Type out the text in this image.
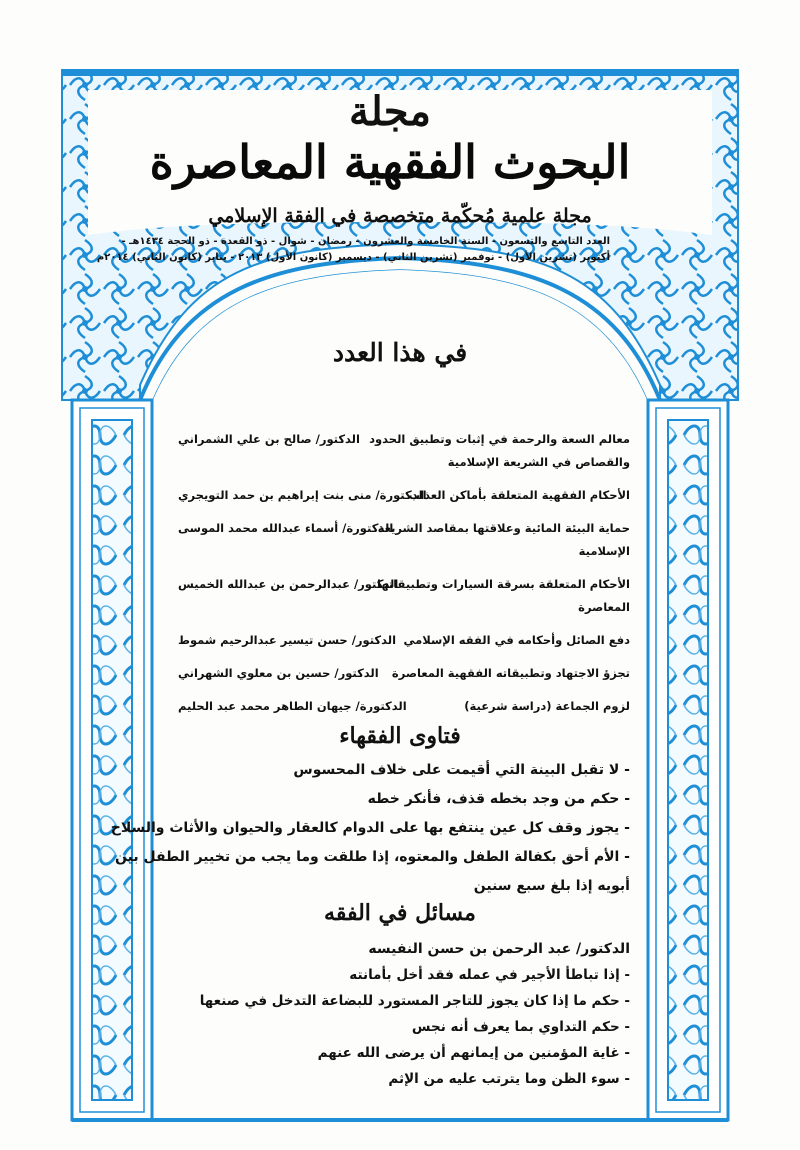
مجلة
البحوث الفقهية المعاصرة
مجلة علمية مُحكّمة متخصصة في الفقة الإسلامي
العدد التاسع والتسعون - السنة الخامسة والعشرون - رمضان - شوال - ذو القعدة - ذو الحجة ١٤٣٤هـ -
أكتوبر (تشرين الأول) - نوفمبر (تشرين الثاني) - ديسمبر (كانون الأول) ٢٠١٣ - يناير (كانون الثاني) ٢٠١٤م
في هذا العدد
معالم السعة والرحمة في إثبات وتطبيق الحدود
الدكتور/ صالح بن علي الشمراني
والقصاص في الشريعة الإسلامية
الأحكام الفقهية المتعلقة بأماكن العذاب
الدكتورة/ منى بنت إبراهيم بن حمد التويجري
حماية البيئة المائية وعلاقتها بمقاصد الشريعة
الدكتورة/ أسماء عبدالله محمد الموسى
الإسلامية
الأحكام المتعلقة بسرقة السيارات وتطبيقاتها
الدكتور/ عبدالرحمن بن عبدالله الخميس
المعاصرة
دفع الصائل وأحكامه في الفقه الإسلامي
الدكتور/ حسن تيسير عبدالرحيم شموط
تجزؤ الاجتهاد وتطبيقاته الفقهية المعاصرة
الدكتور/ حسين بن معلوي الشهراني
لزوم الجماعة (دراسة شرعية)
الدكتورة/ جيهان الطاهر محمد عبد الحليم
فتاوى الفقهاء
- لا تقبل البينة التي أقيمت على خلاف المحسوس
- حكم من وجد بخطه قذف، فأنكر خطه
- يجوز وقف كل عين ينتفع بها على الدوام كالعقار والحيوان والأثاث والسلاح
- الأم أحق بكفالة الطفل والمعتوه، إذا طلقت وما يجب من تخيير الطفل بين
أبويه إذا بلغ سبع سنين
مسائل في الفقه
الدكتور/ عبد الرحمن بن حسن النفيسه
- إذا تباطأ الأجير في عمله فقد أخل بأمانته
- حكم ما إذا كان يجوز للتاجر المستورد للبضاعة التدخل في صنعها
- حكم التداوي بما يعرف أنه نجس
- غاية المؤمنين من إيمانهم أن يرضى الله عنهم
- سوء الظن وما يترتب عليه من الإثم
